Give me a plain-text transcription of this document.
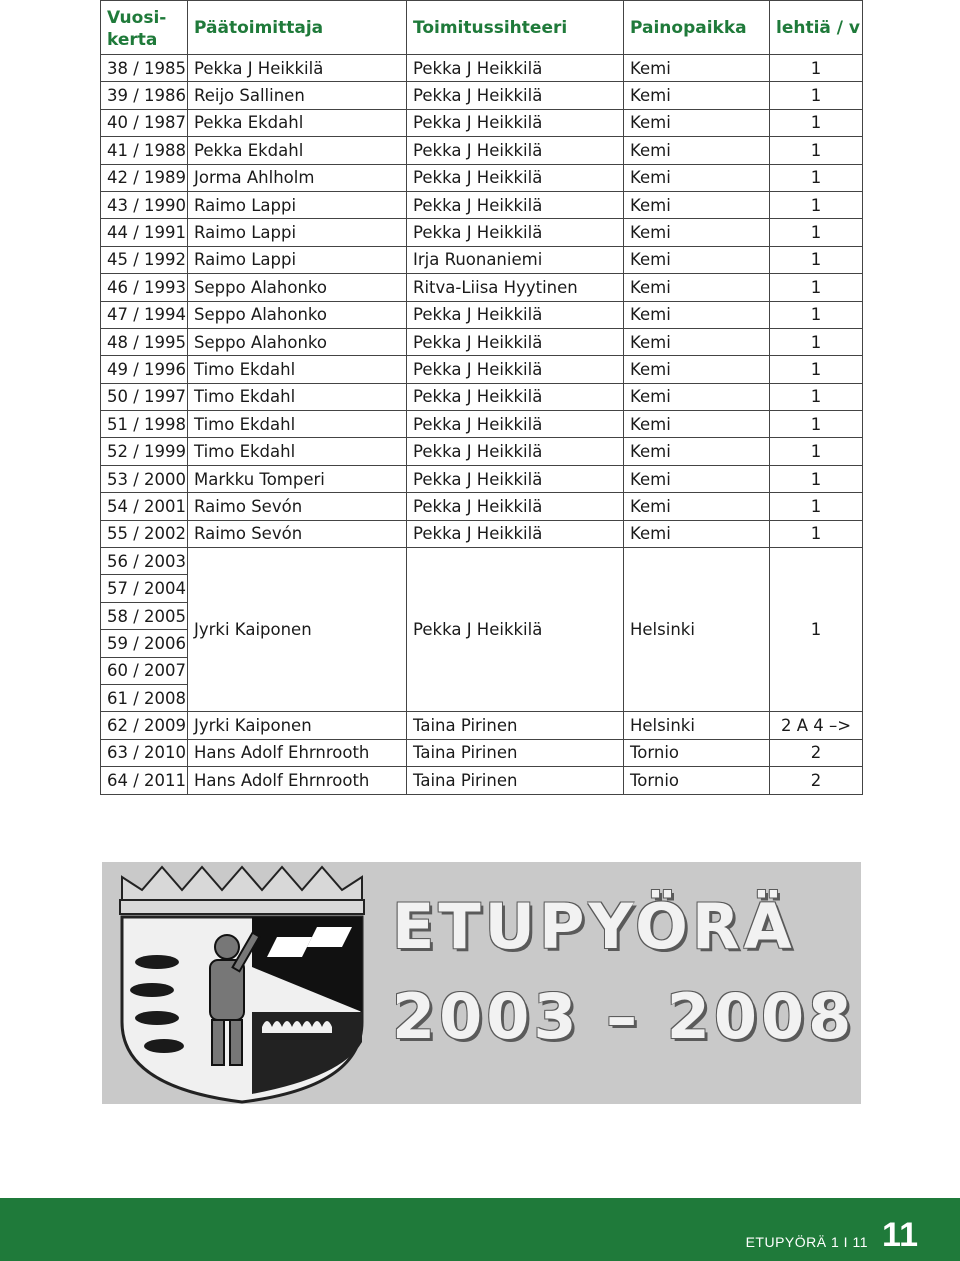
Vuosi-kerta	Päätoimittaja	Toimitussihteeri	Painopaikka	lehtiä / v
38 / 1985	Pekka J Heikkilä	Pekka J Heikkilä	Kemi	1
39 / 1986	Reijo Sallinen	Pekka J Heikkilä	Kemi	1
40 / 1987	Pekka Ekdahl	Pekka J Heikkilä	Kemi	1
41 / 1988	Pekka Ekdahl	Pekka J Heikkilä	Kemi	1
42 / 1989	Jorma Ahlholm	Pekka J Heikkilä	Kemi	1
43 / 1990	Raimo Lappi	Pekka J Heikkilä	Kemi	1
44 / 1991	Raimo Lappi	Pekka J Heikkilä	Kemi	1
45 / 1992	Raimo Lappi	Irja Ruonaniemi	Kemi	1
46 / 1993	Seppo Alahonko	Ritva-Liisa Hyytinen	Kemi	1
47 / 1994	Seppo Alahonko	Pekka J Heikkilä	Kemi	1
48 / 1995	Seppo Alahonko	Pekka J Heikkilä	Kemi	1
49 / 1996	Timo Ekdahl	Pekka J Heikkilä	Kemi	1
50 / 1997	Timo Ekdahl	Pekka J Heikkilä	Kemi	1
51 / 1998	Timo Ekdahl	Pekka J Heikkilä	Kemi	1
52 / 1999	Timo Ekdahl	Pekka J Heikkilä	Kemi	1
53 / 2000	Markku Tomperi	Pekka J Heikkilä	Kemi	1
54 / 2001	Raimo Sevón	Pekka J Heikkilä	Kemi	1
55 / 2002	Raimo Sevón	Pekka J Heikkilä	Kemi	1
56 / 2003	Jyrki Kaiponen	Pekka J Heikkilä	Helsinki	1
57 / 2004				
58 / 2005				
59 / 2006				
60 / 2007				
61 / 2008				
62 / 2009	Jyrki Kaiponen	Taina Pirinen	Helsinki	2 A 4 –>
63 / 2010	Hans Adolf Ehrnrooth	Taina Pirinen	Tornio	2
64 / 2011	Hans Adolf Ehrnrooth	Taina Pirinen	Tornio	2
ETUPYÖRÄ
2003 – 2008
ETUPYÖRÄ 1 I 11 11
